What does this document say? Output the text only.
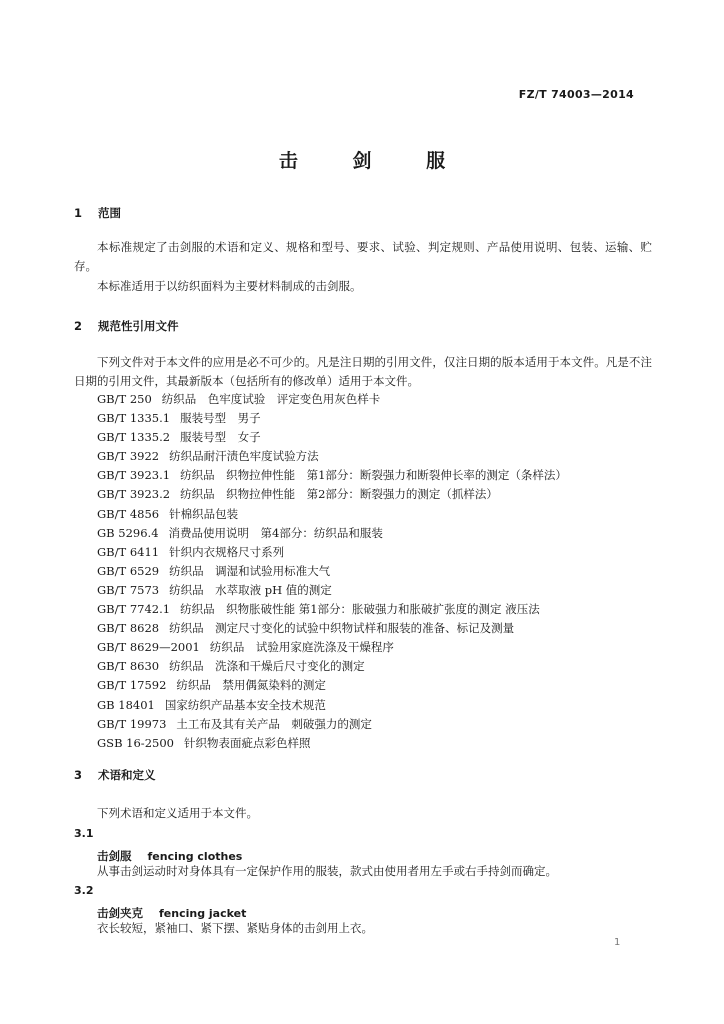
FZ/T 74003—2014
击 剑 服
1 范围
本标准规定了击剑服的术语和定义、规格和型号、要求、试验、判定规则、产品使用说明、包装、运输、贮存。
本标准适用于以纺织面料为主要材料制成的击剑服。
2 规范性引用文件
下列文件对于本文件的应用是必不可少的。凡是注日期的引用文件，仅注日期的版本适用于本文件。凡是不注日期的引用文件，其最新版本（包括所有的修改单）适用于本文件。
GB/T 250 纺织品　色牢度试验　评定变色用灰色样卡
GB/T 1335.1 服装号型　男子
GB/T 1335.2 服装号型　女子
GB/T 3922 纺织品耐汗渍色牢度试验方法
GB/T 3923.1 纺织品　织物拉伸性能　第1部分：断裂强力和断裂伸长率的测定（条样法）
GB/T 3923.2 纺织品　织物拉伸性能　第2部分：断裂强力的测定（抓样法）
GB/T 4856 针棉织品包装
GB 5296.4 消费品使用说明　第4部分：纺织品和服装
GB/T 6411 针织内衣规格尺寸系列
GB/T 6529 纺织品　调湿和试验用标准大气
GB/T 7573 纺织品　水萃取液 pH 值的测定
GB/T 7742.1 纺织品　织物胀破性能 第1部分：胀破强力和胀破扩张度的测定 液压法
GB/T 8628 纺织品　测定尺寸变化的试验中织物试样和服装的准备、标记及测量
GB/T 8629—2001 纺织品　试验用家庭洗涤及干燥程序
GB/T 8630 纺织品　洗涤和干燥后尺寸变化的测定
GB/T 17592 纺织品　禁用偶氮染料的测定
GB 18401 国家纺织产品基本安全技术规范
GB/T 19973 土工布及其有关产品　刺破强力的测定
GSB 16-2500 针织物表面疵点彩色样照
3 术语和定义
下列术语和定义适用于本文件。
3.1
击剑服 fencing clothes
从事击剑运动时对身体具有一定保护作用的服装，款式由使用者用左手或右手持剑而确定。
3.2
击剑夹克 fencing jacket
衣长较短，紧袖口、紧下摆、紧贴身体的击剑用上衣。
1
